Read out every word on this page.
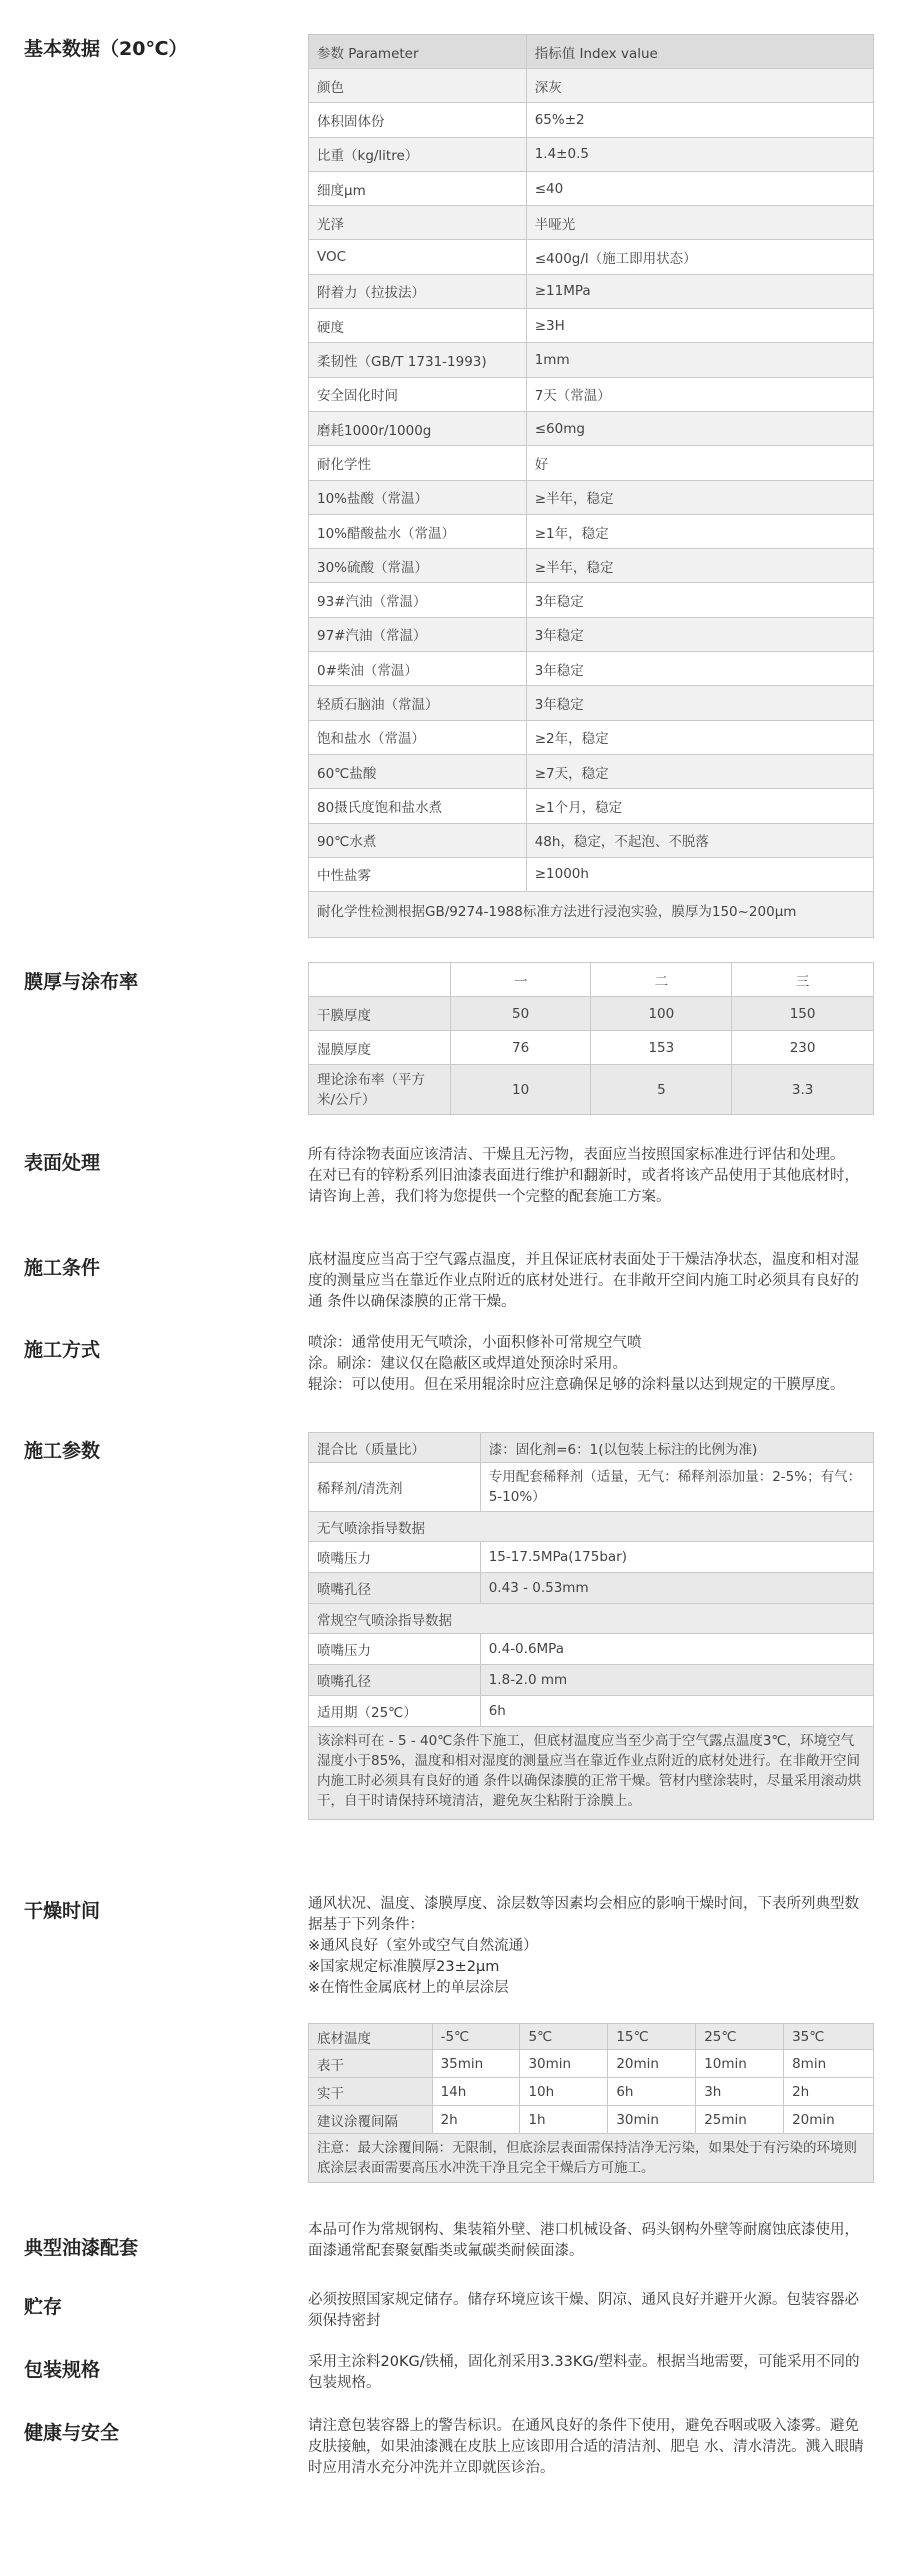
基本数据（20℃）	参数 Parameter	指标值 Index value
颜色	深灰
体积固体份	65%±2
比重（kg/litre）	1.4±0.5
细度μm	≤40
光泽	半哑光
VOC	≤400g/l（施工即用状态）
附着力（拉拔法）	≥11MPa
硬度	≥3H
柔韧性（GB/T 1731-1993)	1mm
安全固化时间	7天（常温）
磨耗1000r/1000g	≤60mg
耐化学性	好
10%盐酸（常温）	≥半年，稳定
10%醋酸盐水（常温）	≥1年，稳定
30%硫酸（常温）	≥半年，稳定
93#汽油（常温）	3年稳定
97#汽油（常温）	3年稳定
0#柴油（常温）	3年稳定
轻质石脑油（常温）	3年稳定
饱和盐水（常温）	≥2年，稳定
60℃盐酸	≥7天，稳定
80摄氏度饱和盐水煮	≥1个月，稳定
90℃水煮	48h，稳定，不起泡、不脱落
中性盐雾	≥1000h
耐化学性检测根据GB/9274-1988标准方法进行浸泡实验，膜厚为150~200μm	
膜厚与涂布率
		一	二	三
干膜厚度	50	100	150
湿膜厚度	76	153	230
理论涂布率（平方米/公斤）	10	5	3.3
表面处理	所有待涂物表面应该清洁、干燥且无污物，表面应当按照国家标准进行评估和处理。
在对已有的锌粉系列旧油漆表面进行维护和翻新时，或者将该产品使用于其他底材时，请咨询上善，我们将为您提供一个完整的配套施工方案。
施工条件	底材温度应当高于空气露点温度，并且保证底材表面处于干燥洁净状态，温度和相对湿度的测量应当在靠近作业点附近的底材处进行。在非敞开空间内施工时必须具有良好的通 条件以确保漆膜的正常干燥。
施工方式	喷涂：通常使用无气喷涂，小面积修补可常规空气喷
涂。刷涂：建议仅在隐蔽区或焊道处预涂时采用。
辊涂：可以使用。但在采用辊涂时应注意确保足够的涂料量以达到规定的干膜厚度。
施工参数	混合比（质量比）	漆：固化剂=6：1(以包装上标注的比例为准)
稀释剂/清洗剂	专用配套稀释剂（适量，无气：稀释剂添加量：2-5%；有气：5-10%）
无气喷涂指导数据	
喷嘴压力	15-17.5MPa(175bar)
喷嘴孔径	0.43 - 0.53mm
常规空气喷涂指导数据	
喷嘴压力	0.4-0.6MPa
喷嘴孔径	1.8-2.0 mm
适用期（25℃）	6h
该涂料可在 - 5 - 40℃条件下施工，但底材温度应当至少高于空气露点温度3℃，环境空气湿度小于85%，温度和相对湿度的测量应当在靠近作业点附近的底材处进行。在非敞开空间内施工时必须具有良好的通 条件以确保漆膜的正常干燥。管材内壁涂装时，尽量采用滚动烘干，自干时请保持环境清洁，避免灰尘粘附于涂膜上。	
干燥时间	通风状况、温度、漆膜厚度、涂层数等因素均会相应的影响干燥时间，下表所列典型数据基于下列条件：
※通风良好（室外或空气自然流通）
※国家规定标准膜厚23±2μm
※在惰性金属底材上的单层涂层
底材温度	-5℃	5℃	15℃	25℃	35℃
表干	35min	30min	20min	10min	8min
实干	14h	10h	6h	3h	2h
建议涂覆间隔	2h	1h	30min	25min	20min
注意：最大涂覆间隔：无限制，但底涂层表面需保持洁净无污染，如果处于有污染的环境则底涂层表面需要高压水冲洗干净且完全干燥后方可施工。					
典型油漆配套
本品可作为常规钢构、集装箱外壁、港口机械设备、码头钢构外壁等耐腐蚀底漆使用，面漆通常配套聚氨酯类或氟碳类耐候面漆。
贮存	必须按照国家规定储存。储存环境应该干燥、阴凉、通风良好并避开火源。包装容器必须保持密封
包装规格	采用主涂料20KG/铁桶，固化剂采用3.33KG/塑料壶。根据当地需要，可能采用不同的包装规格。
健康与安全	请注意包装容器上的警告标识。在通风良好的条件下使用，避免吞咽或吸入漆雾。避免皮肤接触，如果油漆溅在皮肤上应该即用合适的清洁剂、肥皂 水、清水清洗。溅入眼睛时应用清水充分冲洗并立即就医诊治。
